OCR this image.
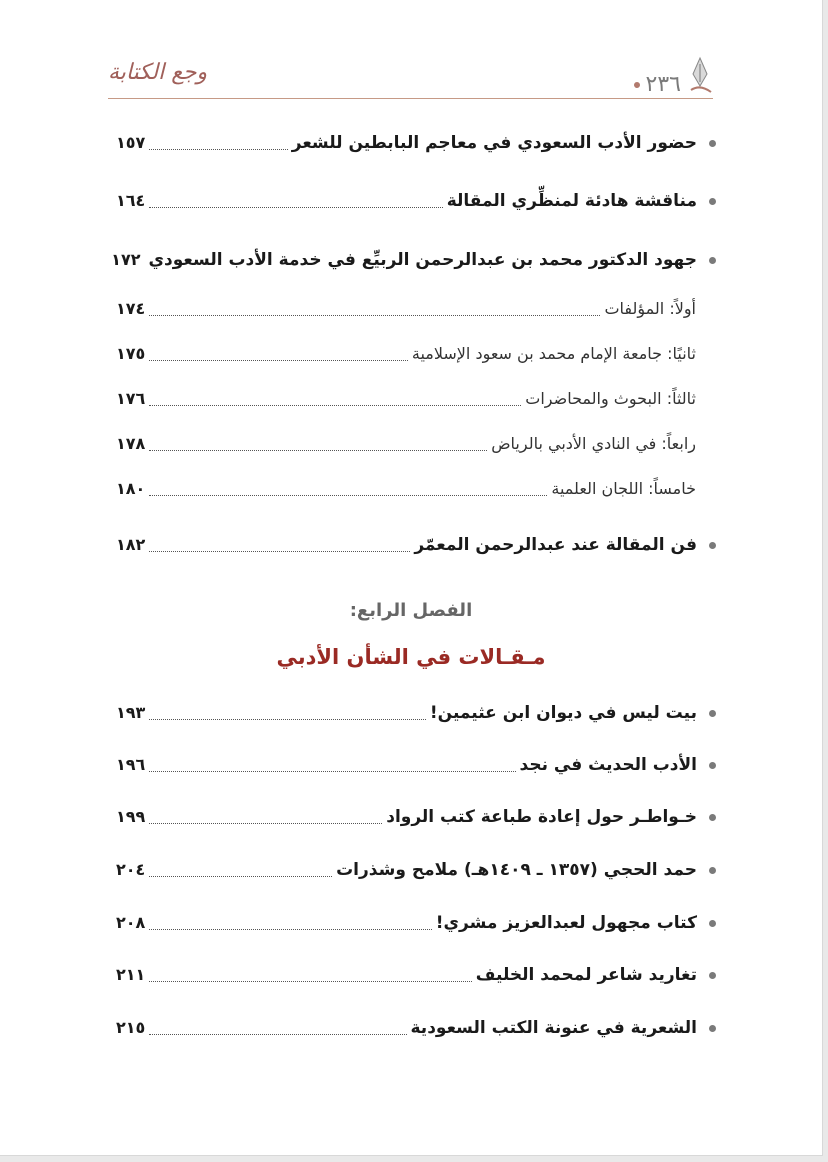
وجع الكتابة	٢٣٦
حضور الأدب السعودي في معاجم البابطين للشعر
١٥٧
مناقشة هادئة لمنظِّري المقالة
١٦٤
جهود الدكتور محمد بن عبدالرحمن الربيِّع في خدمة الأدب السعودي
١٧٢
أولاً: المؤلفات
١٧٤
ثانيًا: جامعة الإمام محمد بن سعود الإسلامية
١٧٥
ثالثاً: البحوث والمحاضرات
١٧٦
رابعاً: في النادي الأدبي بالرياض
١٧٨
خامساً: اللجان العلمية
١٨٠
فن المقالة عند عبدالرحمن المعمّر
١٨٢
الفصل الرابع:
مـقـالات في الشأن الأدبي
بيت ليس في ديوان ابن عثيمين!
١٩٣
الأدب الحديث في نجد
١٩٦
خـواطـر حول إعادة طباعة كتب الرواد
١٩٩
حمد الحجي (١٣٥٧ ـ ١٤٠٩هـ) ملامح وشذرات
٢٠٤
كتاب مجهول لعبدالعزيز مشري!
٢٠٨
تغاريد شاعر لمحمد الخليف
٢١١
الشعرية في عنونة الكتب السعودية
٢١٥
